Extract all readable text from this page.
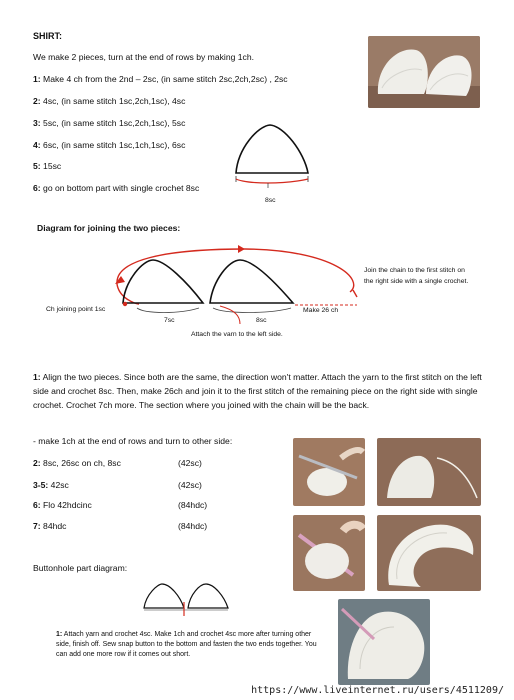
SHIRT:
We make 2 pieces, turn at the end of rows by making 1ch.
1: Make 4 ch from the 2nd – 2sc, (in same stitch 2sc,2ch,2sc) , 2sc
2: 4sc, (in same stitch 1sc,2ch,1sc), 4sc
3: 5sc, (in same stitch 1sc,2ch,1sc), 5sc
4: 6sc, (in same stitch 1sc,1ch,1sc), 6sc
5: 15sc
6: go on bottom part with single crochet 8sc
8sc
Diagram for joining the two pieces:
Join the chain to the first stitch on the right side with a single crochet.
Ch joining point 1sc
7sc	8sc
Make 26 ch
Attach the varn to the left side.
1: Align the two pieces. Since both are the same, the direction won't matter. Attach the yarn to the first stitch on the left side and crochet 8sc. Then, make 26ch and join it to the first stitch of the remaining piece on the right side with single crochet. Crochet 7ch more. The section where you joined with the chain will be the back.
- make 1ch at the end of rows and turn to other side:
2: 8sc, 26sc on ch, 8sc	(42sc)
3-5: 42sc	(42sc)
6: Flo 42hdcinc	(84hdc)
7: 84hdc	(84hdc)
Buttonhole part diagram:
1: Attach yarn and crochet 4sc. Make 1ch and crochet 4sc more after turning other side, finish off. Sew snap button to the bottom and fasten the two ends together. You can add one more row if it comes out short.
https://www.liveinternet.ru/users/4511209/
